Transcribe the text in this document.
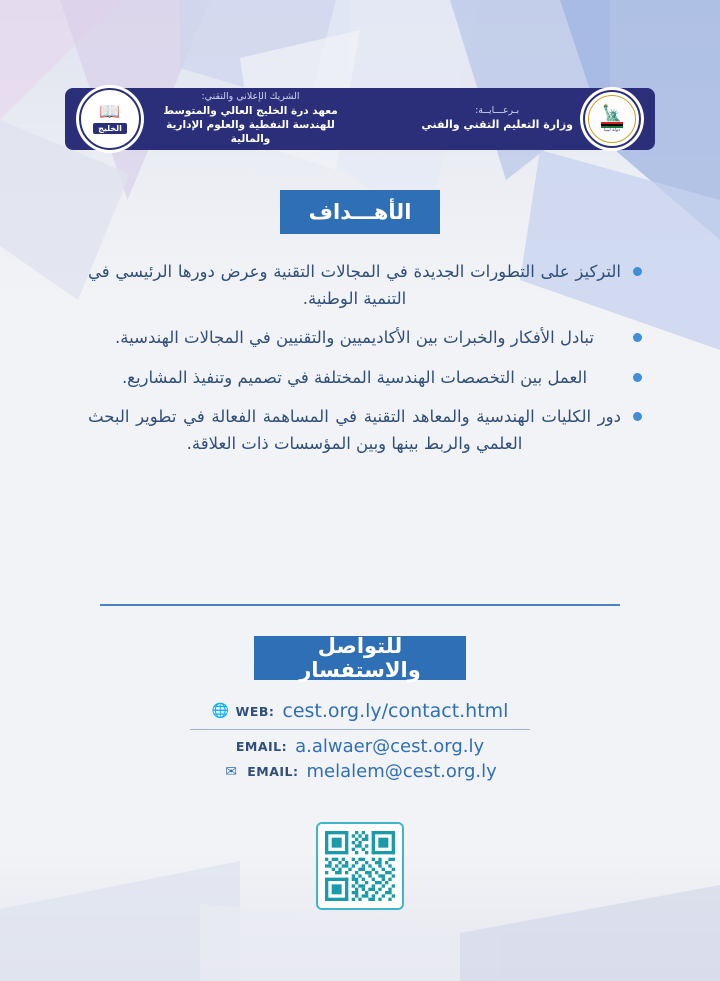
🗽
دولة ليبيا
بـرعـــايــة:
وزارة التعليم التقني والفني
الشريك الإعلاني والتقني:
معهد درة الخليج العالي والمتوسط
للهندسة النفطية والعلوم الإدارية والمالية
📖
الخليج
الأهـــداف
التركيز على التطورات الجديدة في المجالات التقنية وعرض دورها الرئيسي في التنمية الوطنية.
تبادل الأفكار والخبرات بين الأكاديميين والتقنيين في المجالات الهندسية.
العمل بين التخصصات الهندسية المختلفة في تصميم وتنفيذ المشاريع.
دور الكليات الهندسية والمعاهد التقنية في المساهمة الفعالة في تطوير البحث العلمي والربط بينها وبين المؤسسات ذات العلاقة.
للتواصل والاستفسار
🌐 WEB: cest.org.ly/contact.html
EMAIL: a.alwaer@cest.org.ly
✉ EMAIL: melalem@cest.org.ly
